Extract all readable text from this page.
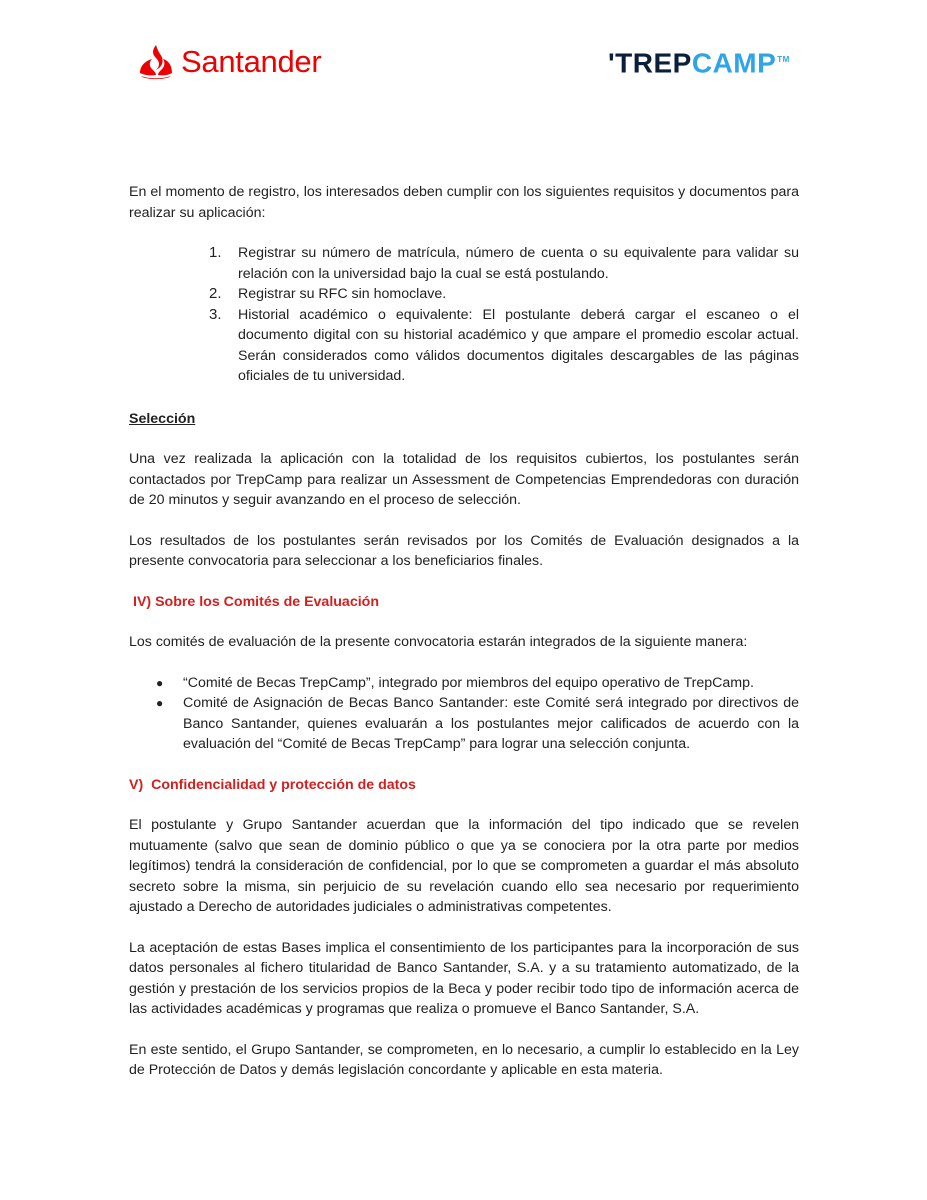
Santander	'TREPCAMP™

En el momento de registro, los interesados deben cumplir con los siguientes requisitos y documentos para realizar su aplicación:

1. Registrar su número de matrícula, número de cuenta o su equivalente para validar su relación con la universidad bajo la cual se está postulando.
2. Registrar su RFC sin homoclave.
3. Historial académico o equivalente: El postulante deberá cargar el escaneo o el documento digital con su historial académico y que ampare el promedio escolar actual. Serán considerados como válidos documentos digitales descargables de las páginas oficiales de tu universidad.

Selección

Una vez realizada la aplicación con la totalidad de los requisitos cubiertos, los postulantes serán contactados por TrepCamp para realizar un Assessment de Competencias Emprendedoras con duración de 20 minutos y seguir avanzando en el proceso de selección.

Los resultados de los postulantes serán revisados por los Comités de Evaluación designados a la presente convocatoria para seleccionar a los beneficiarios finales.

IV) Sobre los Comités de Evaluación

Los comités de evaluación de la presente convocatoria estarán integrados de la siguiente manera:

● “Comité de Becas TrepCamp”, integrado por miembros del equipo operativo de TrepCamp.
● Comité de Asignación de Becas Banco Santander: este Comité será integrado por directivos de Banco Santander, quienes evaluarán a los postulantes mejor calificados de acuerdo con la evaluación del “Comité de Becas TrepCamp” para lograr una selección conjunta.

V)  Confidencialidad y protección de datos

El postulante y Grupo Santander acuerdan que la información del tipo indicado que se revelen mutuamente (salvo que sean de dominio público o que ya se conociera por la otra parte por medios legítimos) tendrá la consideración de confidencial, por lo que se comprometen a guardar el más absoluto secreto sobre la misma, sin perjuicio de su revelación cuando ello sea necesario por requerimiento ajustado a Derecho de autoridades judiciales o administrativas competentes.

La aceptación de estas Bases implica el consentimiento de los participantes para la incorporación de sus datos personales al fichero titularidad de Banco Santander, S.A. y a su tratamiento automatizado, de la gestión y prestación de los servicios propios de la Beca y poder recibir todo tipo de información acerca de las actividades académicas y programas que realiza o promueve el Banco Santander, S.A.

En este sentido, el Grupo Santander, se comprometen, en lo necesario, a cumplir lo establecido en la Ley de Protección de Datos y demás legislación concordante y aplicable en esta materia.
